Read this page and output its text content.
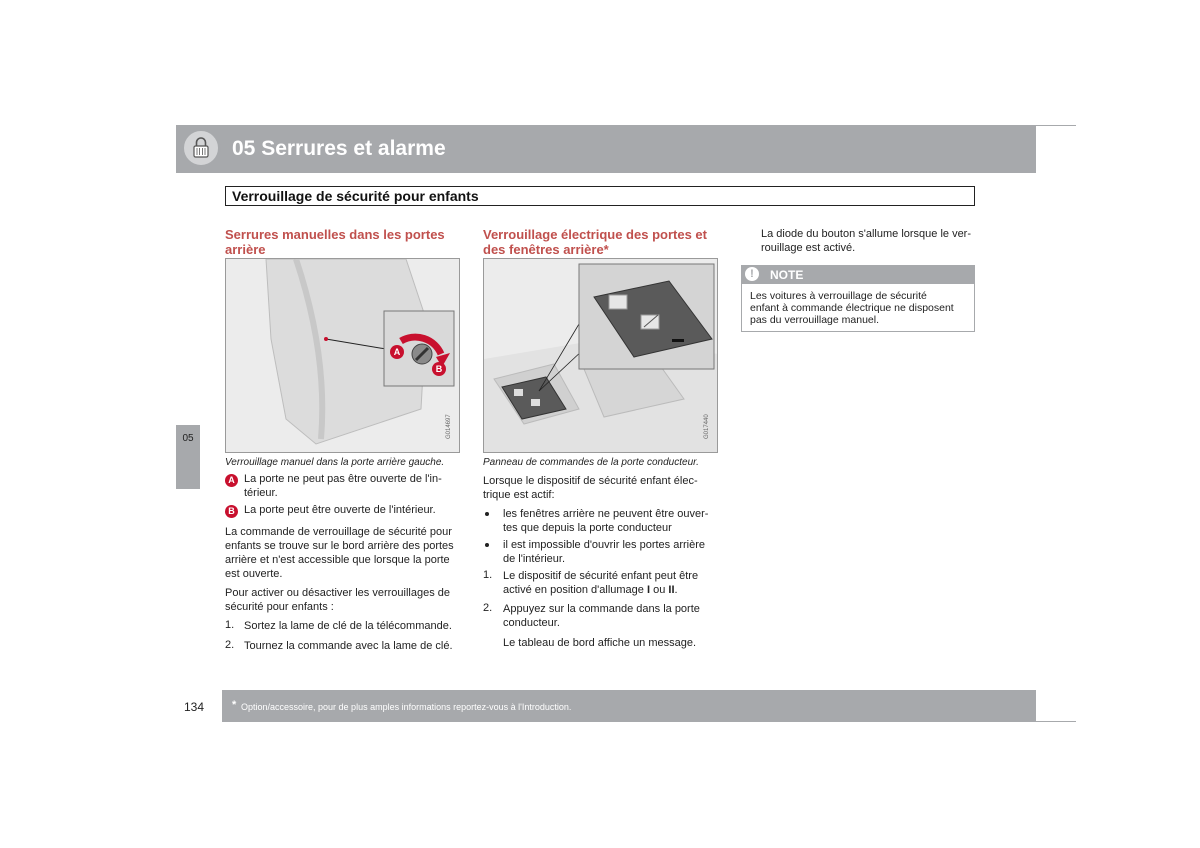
05 Serrures et alarme
Verrouillage de sécurité pour enfants
05
Serrures manuelles dans les portes arrière
A
B
G014697
Verrouillage manuel dans la porte arrière gauche.
A La porte ne peut pas être ouverte de l'in-

térieur.

B La porte peut être ouverte de l'intérieur.

La commande de verrouillage de sécurité pour

enfants se trouve sur le bord arrière des portes

arrière et n'est accessible que lorsque la porte

est ouverte.

Pour activer ou désactiver les verrouillages de

sécurité pour enfants :

1. Sortez la lame de clé de la télécommande.

2. Tournez la commande avec la lame de clé.

Verrouillage électrique des portes et des fenêtres arrière*
G017440
Panneau de commandes de la porte conducteur.

Lorsque le dispositif de sécurité enfant élec-

trique est actif:

les fenêtres arrière ne peuvent être ouver-

tes que depuis la porte conducteur

il est impossible d'ouvrir les portes arrière

de l'intérieur.

1. Le dispositif de sécurité enfant peut être

activé en position d'allumage I ou II.

2. Appuyez sur la commande dans la porte

conducteur.

Le tableau de bord affiche un message.

La diode du bouton s'allume lorsque le ver-

rouillage est activé.

!	NOTE

Les voitures à verrouillage de sécurité

enfant à commande électrique ne disposent

pas du verrouillage manuel.

134	* Option/accessoire, pour de plus amples informations reportez-vous à l'Introduction.
